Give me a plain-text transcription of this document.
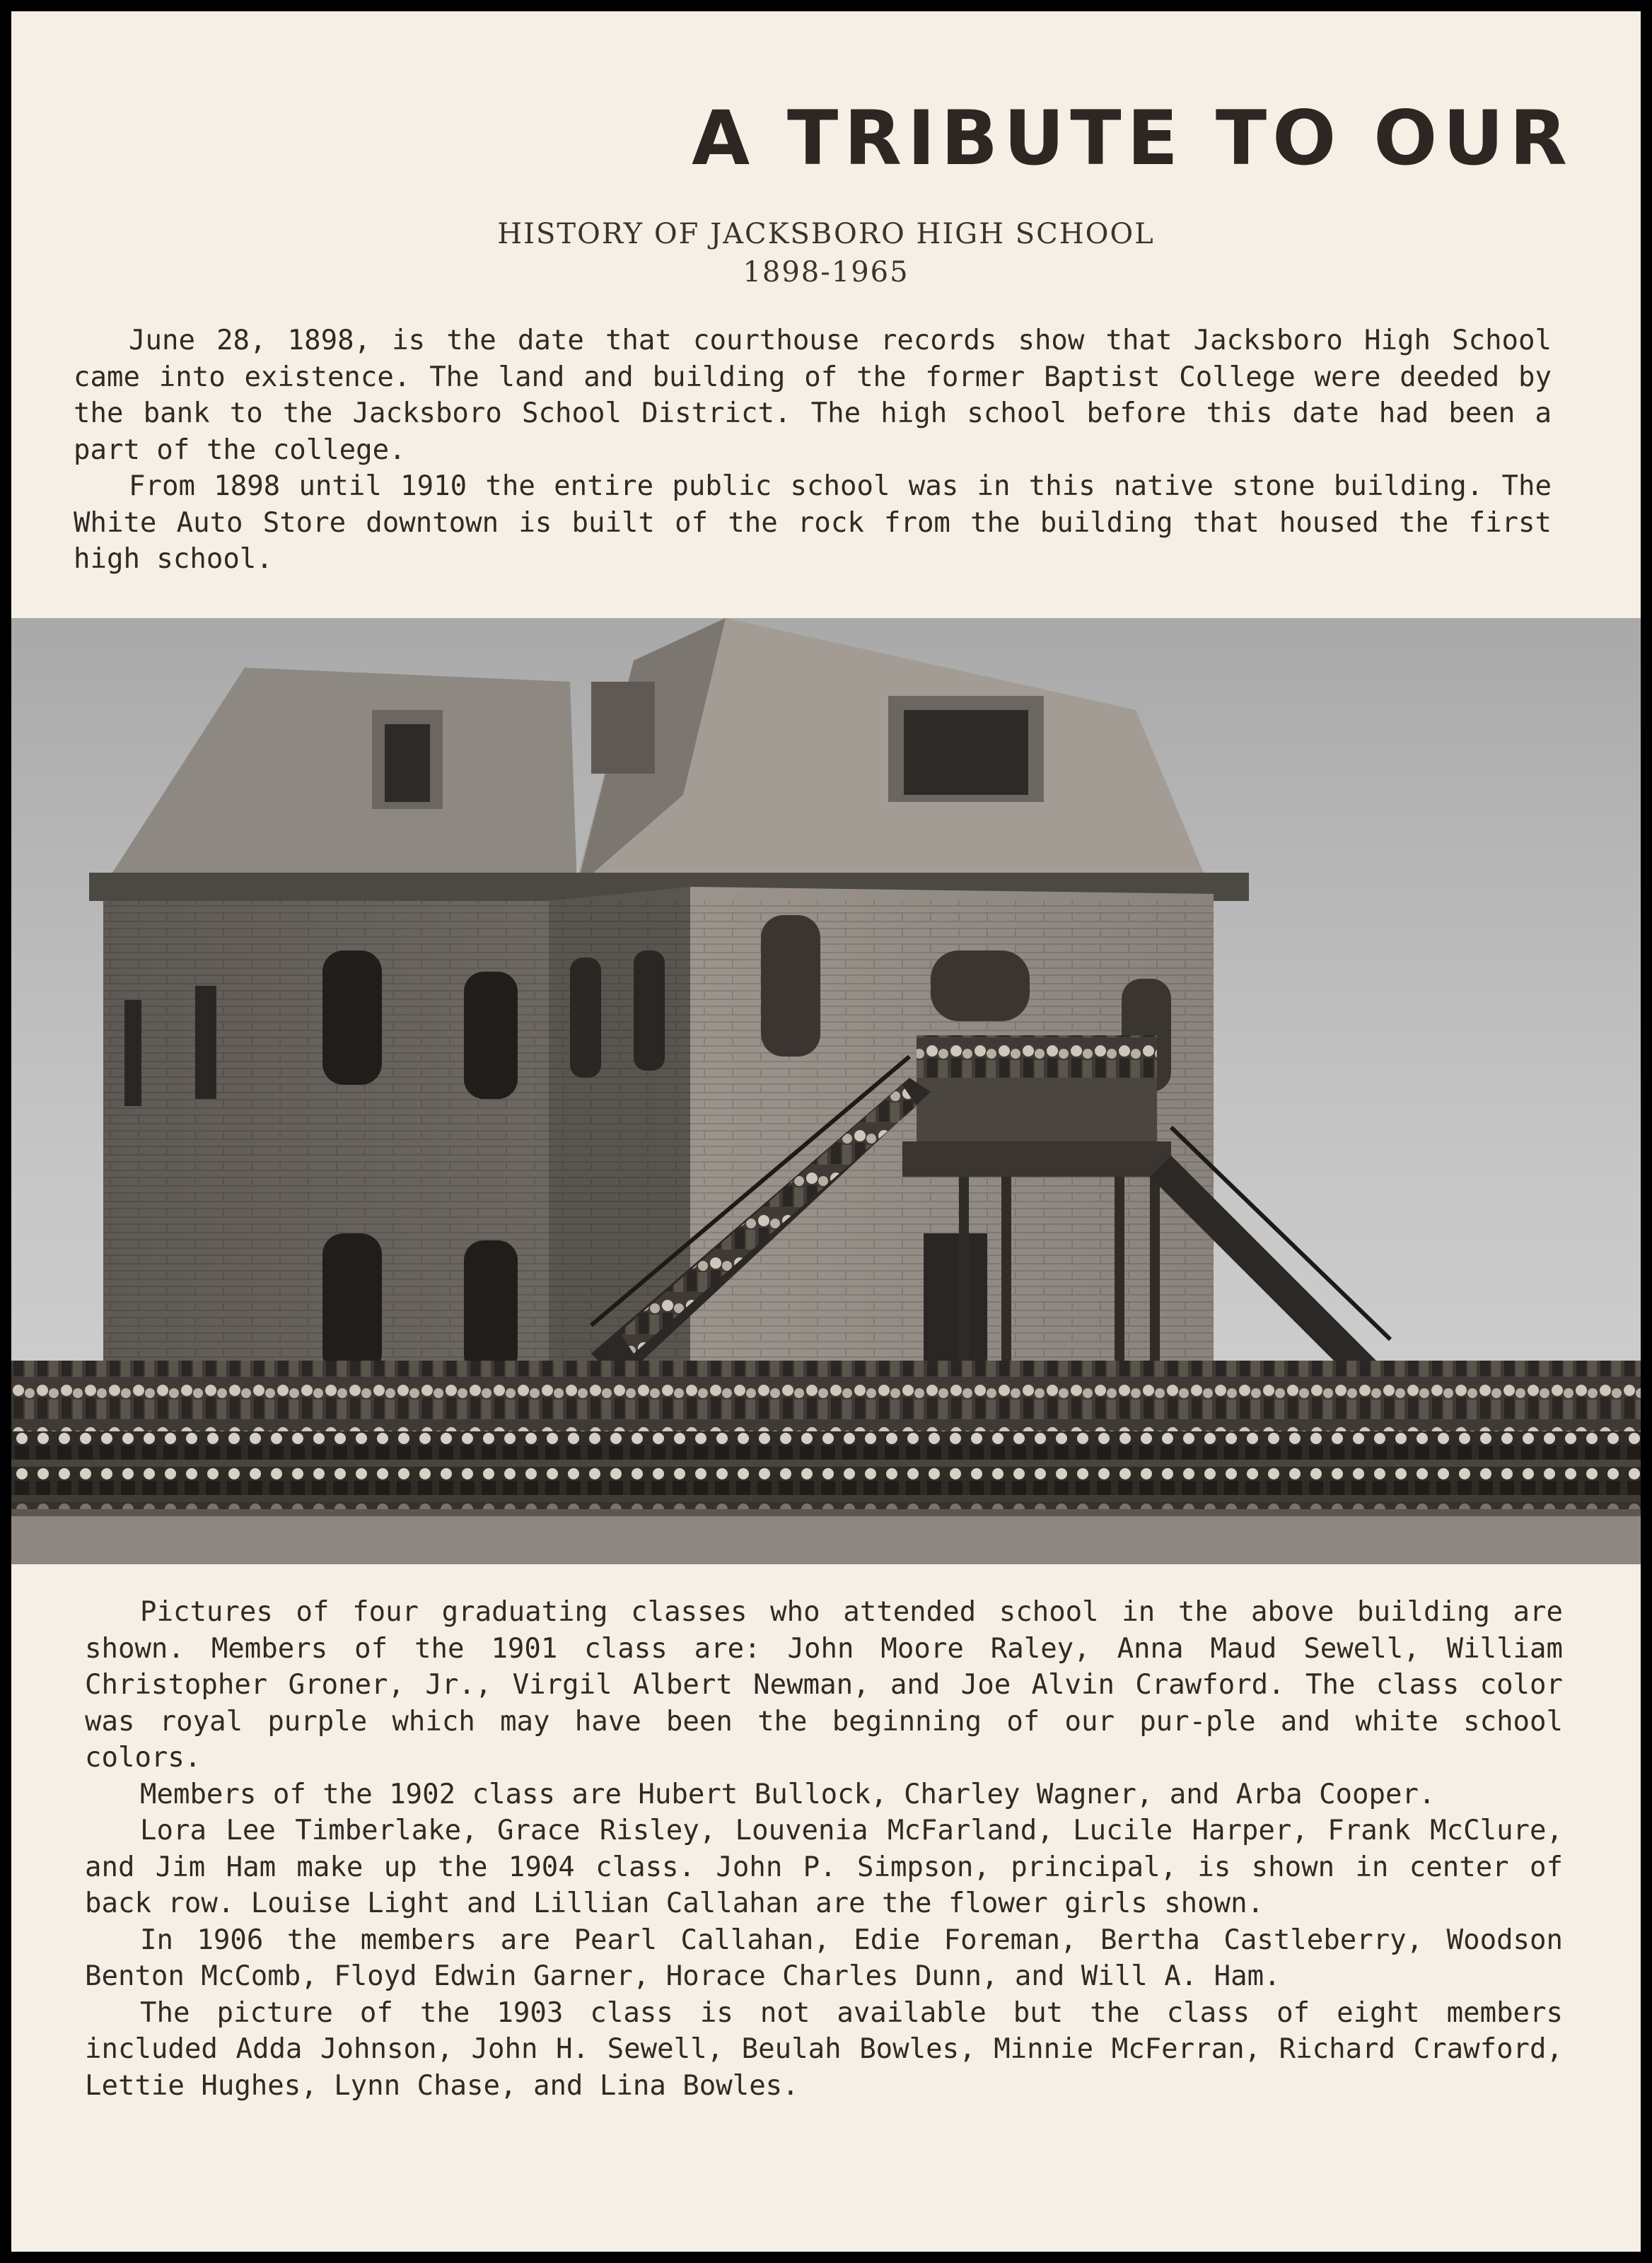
A TRIBUTE TO OUR
HISTORY OF JACKSBORO HIGH SCHOOL
1898-1965

June 28, 1898, is the date that courthouse records show that Jacksboro High School came into existence. The land and building of the former Baptist College were deeded by the bank to the Jacksboro School District. The high school before this date had been a part of the college.

From 1898 until 1910 the entire public school was in this native stone building. The White Auto Store downtown is built of the rock from the building that housed the first high school.

Pictures of four graduating classes who attended school in the above building are shown. Members of the 1901 class are: John Moore Raley, Anna Maud Sewell, William Christopher Groner, Jr., Virgil Albert Newman, and Joe Alvin Crawford. The class color was royal purple which may have been the beginning of our pur-ple and white school colors.

Members of the 1902 class are Hubert Bullock, Charley Wagner, and Arba Cooper.

Lora Lee Timberlake, Grace Risley, Louvenia McFarland, Lucile Harper, Frank McClure, and Jim Ham make up the 1904 class. John P. Simpson, principal, is shown in center of back row. Louise Light and Lillian Callahan are the flower girls shown.

In 1906 the members are Pearl Callahan, Edie Foreman, Bertha Castleberry, Woodson Benton McComb, Floyd Edwin Garner, Horace Charles Dunn, and Will A. Ham.

The picture of the 1903 class is not available but the class of eight members included Adda Johnson, John H. Sewell, Beulah Bowles, Minnie McFerran, Richard Crawford, Lettie Hughes, Lynn Chase, and Lina Bowles.
